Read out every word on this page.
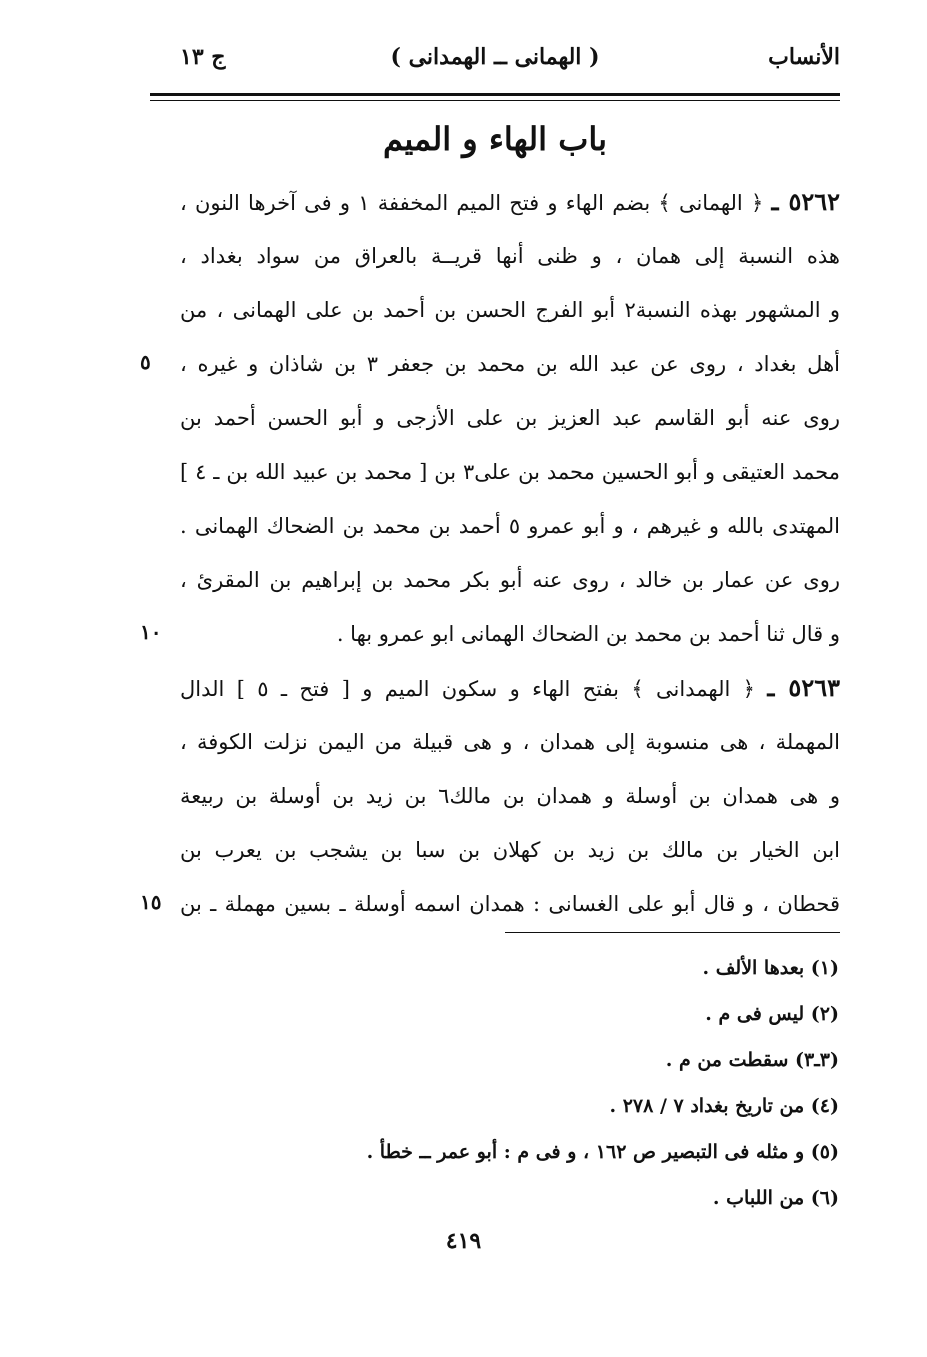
الأنساب
( الهمانى ــ الهمدانى )
ج ١٣
باب الهاء و الميم
٥٢٦٢ ـ ﴿ الهمانى ﴾ بضم الهاء و فتح الميم المخففة ١ و فى آخرها النون ،
هذه النسبة إلى همان ، و ظنى أنها قريــة بالعراق من سواد بغداد ،
و المشهور بهذه النسبة٢ أبو الفرج الحسن بن أحمد بن على الهمانى ، من
أهل بغداد ، روى عن عبد الله بن محمد بن جعفر ٣ بن شاذان و غيره ،
روى عنه أبو القاسم عبد العزيز بن على الأزجى و أبو الحسن أحمد بن
محمد العتيقى و أبو الحسين محمد بن على٣ بن [ محمد بن عبيد الله بن ـ ٤ ]
المهتدى بالله و غيرهم ، و أبو عمرو ٥ أحمد بن محمد بن الضحاك الهمانى .
روى عن عمار بن خالد ، روى عنه أبو بكر محمد بن إبراهيم بن المقرئ ،
و قال ثنا أحمد بن محمد بن الضحاك الهمانى ابو عمرو بها .
٥٢٦٣ ـ ﴿ الهمدانى ﴾ بفتح الهاء و سكون الميم و [ فتح ـ ٥ ] الدال
المهملة ، هى منسوبة إلى همدان ، و هى قبيلة من اليمن نزلت الكوفة ،
و هى همدان بن أوسلة و همدان بن مالك٦ بن زيد بن أوسلة بن ربيعة
ابن الخيار بن مالك بن زيد بن كهلان بن سبا بن يشجب بن يعرب بن
قحطان ، و قال أبو على الغسانى : همدان اسمه أوسلة ـ بسين مهملة ـ بن
٥
١٠
١٥
(١) بعدها الألف .
(٢) ليس فى م .
(٣ـ٣) سقطت من م .
(٤) من تاريخ بغداد ٧ / ٢٧٨ .
(٥) و مثله فى التبصير ص ١٦٢ ، و فى م : أبو عمر ــ خطأ .
(٦) من اللباب .
٤١٩
